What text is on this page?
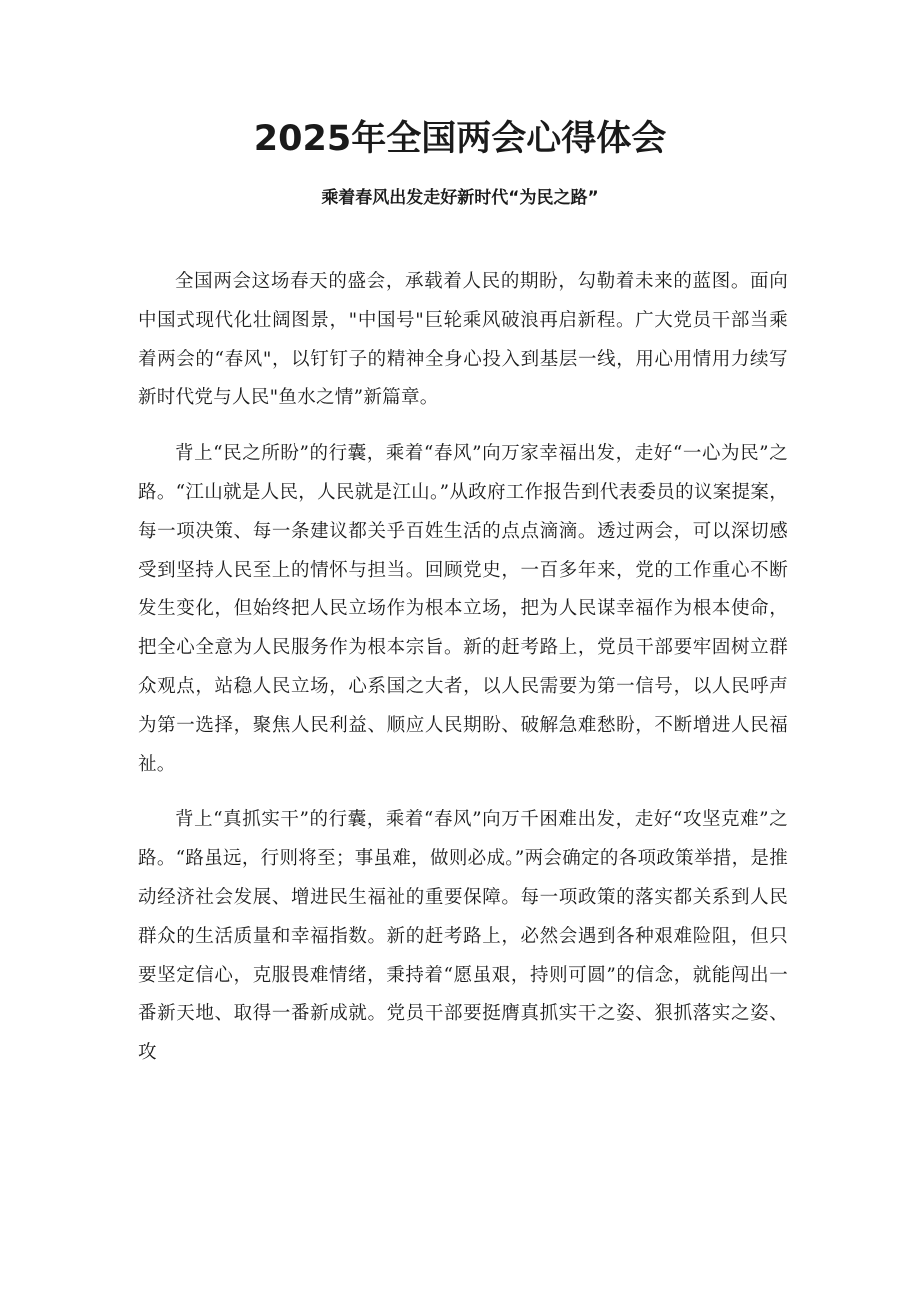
2025年全国两会心得体会
乘着春风出发走好新时代“为民之路”

全国两会这场春天的盛会，承载着人民的期盼，勾勒着未来的蓝图。面向中国式现代化壮阔图景，"中国号"巨轮乘风破浪再启新程。广大党员干部当乘着两会的“春风"，以钉钉子的精神全身心投入到基层一线，用心用情用力续写新时代党与人民"鱼水之情”新篇章。

背上“民之所盼”的行囊，乘着“春风”向万家幸福出发，走好“一心为民”之路。“江山就是人民，人民就是江山。”从政府工作报告到代表委员的议案提案，每一项决策、每一条建议都关乎百姓生活的点点滴滴。透过两会，可以深切感受到坚持人民至上的情怀与担当。回顾党史，一百多年来，党的工作重心不断发生变化，但始终把人民立场作为根本立场，把为人民谋幸福作为根本使命，把全心全意为人民服务作为根本宗旨。新的赶考路上，党员干部要牢固树立群众观点，站稳人民立场，心系国之大者，以人民需要为第一信号，以人民呼声为第一选择，聚焦人民利益、顺应人民期盼、破解急难愁盼，不断增进人民福祉。

背上“真抓实干”的行囊，乘着“春风”向万千困难出发，走好“攻坚克难”之路。“路虽远，行则将至；事虽难，做则必成。”两会确定的各项政策举措，是推动经济社会发展、增进民生福祉的重要保障。每一项政策的落实都关系到人民群众的生活质量和幸福指数。新的赶考路上，必然会遇到各种艰难险阻，但只要坚定信心，克服畏难情绪，秉持着“愿虽艰，持则可圆”的信念，就能闯出一番新天地、取得一番新成就。党员干部要挺膺真抓实干之姿、狠抓落实之姿、攻
